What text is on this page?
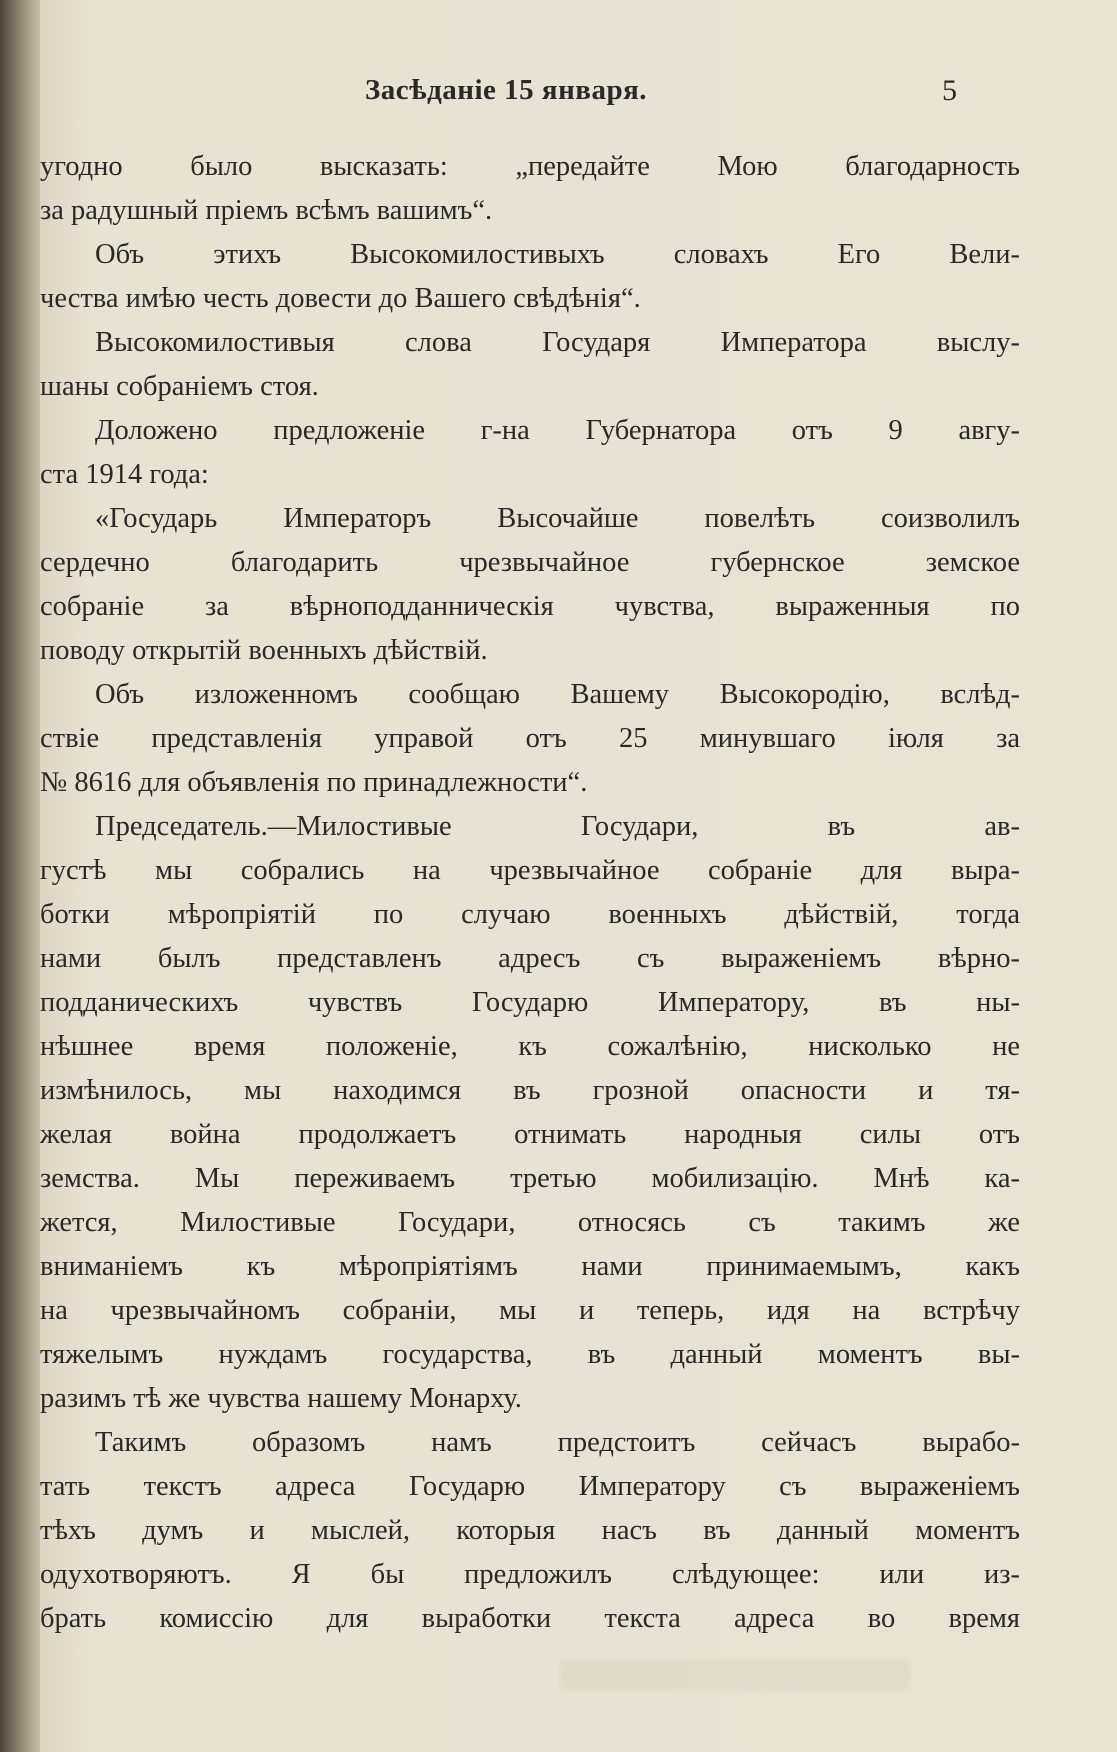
Засѣданіе 15 января.	5
угодно было высказать: „передайте Мою благодарность
за радушный пріемъ всѣмъ вашимъ“.
Объ этихъ Высокомилостивыхъ словахъ Его Вели-
чества имѣю честь довести до Вашего свѣдѣнія“.
Высокомилостивыя слова Государя Императора выслу-
шаны собраніемъ стоя.
Доложено предложеніе г-на Губернатора отъ 9 авгу-
ста 1914 года:
«Государь Императоръ Высочайше повелѣть соизволилъ
сердечно благодарить чрезвычайное губернское земское
собраніе за вѣрноподданническія чувства, выраженныя по
поводу открытій военныхъ дѣйствій.
Объ изложенномъ сообщаю Вашему Высокородію, вслѣд-
ствіе представленія управой отъ 25 минувшаго іюля за
№ 8616 для объявленія по принадлежности“.
Председатель.—Милостивые Государи, въ ав-
густѣ мы собрались на чрезвычайное собраніе для выра-
ботки мѣропріятій по случаю военныхъ дѣйствій, тогда
нами былъ представленъ адресъ съ выраженіемъ вѣрно-
подданическихъ чувствъ Государю Императору, въ ны-
нѣшнее время положеніе, къ сожалѣнію, нисколько не
измѣнилось, мы находимся въ грозной опасности и тя-
желая война продолжаетъ отнимать народныя силы отъ
земства. Мы переживаемъ третью мобилизацію. Мнѣ ка-
жется, Милостивые Государи, относясь съ такимъ же
вниманіемъ къ мѣропріятіямъ нами принимаемымъ, какъ
на чрезвычайномъ собраніи, мы и теперь, идя на встрѣчу
тяжелымъ нуждамъ государства, въ данный моментъ вы-
разимъ тѣ же чувства нашему Монарху.
Такимъ образомъ намъ предстоитъ сейчасъ вырабо-
тать текстъ адреса Государю Императору съ выраженіемъ
тѣхъ думъ и мыслей, которыя насъ въ данный моментъ
одухотворяютъ. Я бы предложилъ слѣдующее: или из-
брать комиссію для выработки текста адреса во время
